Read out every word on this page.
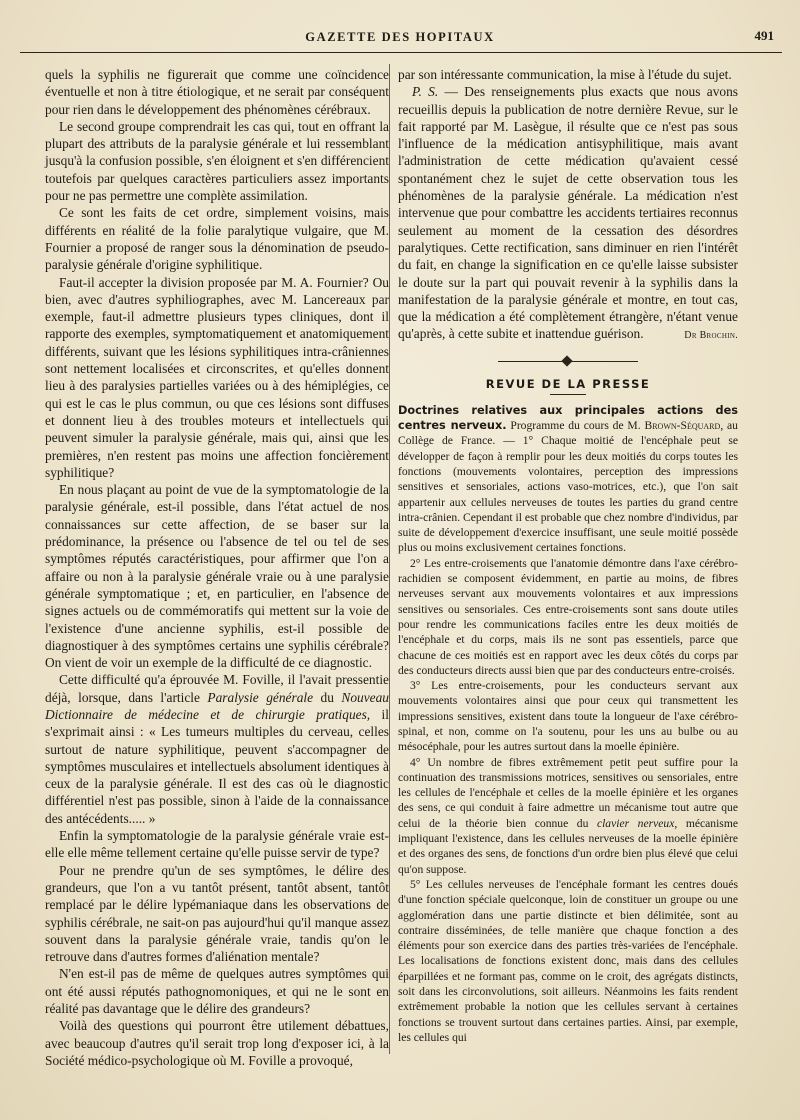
GAZETTE DES HOPITAUX	491

quels la syphilis ne figurerait que comme une coïncidence éventuelle et non à titre étiologique, et ne serait par conséquent pour rien dans le développement des phénomènes cérébraux.

Le second groupe comprendrait les cas qui, tout en offrant la plupart des attributs de la paralysie générale et lui ressemblant jusqu'à la confusion possible, s'en éloignent et s'en différencient toutefois par quelques caractères particuliers assez importants pour ne pas permettre une complète assimilation.

Ce sont les faits de cet ordre, simplement voisins, mais différents en réalité de la folie paralytique vulgaire, que M. Fournier a proposé de ranger sous la dénomination de pseudo-paralysie générale d'origine syphilitique.

Faut-il accepter la division proposée par M. A. Fournier? Ou bien, avec d'autres syphiliographes, avec M. Lancereaux par exemple, faut-il admettre plusieurs types cliniques, dont il rapporte des exemples, symptomatiquement et anatomiquement différents, suivant que les lésions syphilitiques intra-crâniennes sont nettement localisées et circonscrites, et qu'elles donnent lieu à des paralysies partielles variées ou à des hémiplégies, ce qui est le cas le plus commun, ou que ces lésions sont diffuses et donnent lieu à des troubles moteurs et intellectuels qui peuvent simuler la paralysie générale, mais qui, ainsi que les premières, n'en restent pas moins une affection foncièrement syphilitique?

En nous plaçant au point de vue de la symptomatologie de la paralysie générale, est-il possible, dans l'état actuel de nos connaissances sur cette affection, de se baser sur la prédominance, la présence ou l'absence de tel ou tel de ses symptômes réputés caractéristiques, pour affirmer que l'on a affaire ou non à la paralysie générale vraie ou à une paralysie générale symptomatique ; et, en particulier, en l'absence de signes actuels ou de commémoratifs qui mettent sur la voie de l'existence d'une ancienne syphilis, est-il possible de diagnostiquer à des symptômes certains une syphilis cérébrale? On vient de voir un exemple de la difficulté de ce diagnostic.

Cette difficulté qu'a éprouvée M. Foville, il l'avait pressentie déjà, lorsque, dans l'article Paralysie générale du Nouveau Dictionnaire de médecine et de chirurgie pratiques, il s'exprimait ainsi : « Les tumeurs multiples du cerveau, celles surtout de nature syphilitique, peuvent s'accompagner de symptômes musculaires et intellectuels absolument identiques à ceux de la paralysie générale. Il est des cas où le diagnostic différentiel n'est pas possible, sinon à l'aide de la connaissance des antécédents..... »

Enfin la symptomatologie de la paralysie générale vraie est-elle elle même tellement certaine qu'elle puisse servir de type?

Pour ne prendre qu'un de ses symptômes, le délire des grandeurs, que l'on a vu tantôt présent, tantôt absent, tantôt remplacé par le délire lypémaniaque dans les observations de syphilis cérébrale, ne sait-on pas aujourd'hui qu'il manque assez souvent dans la paralysie générale vraie, tandis qu'on le retrouve dans d'autres formes d'aliénation mentale?

N'en est-il pas de même de quelques autres symptômes qui ont été aussi réputés pathognomoniques, et qui ne le sont en réalité pas davantage que le délire des grandeurs?

Voilà des questions qui pourront être utilement débattues, avec beaucoup d'autres qu'il serait trop long d'exposer ici, à la Société médico-psychologique où M. Foville a provoqué,

par son intéressante communication, la mise à l'étude du sujet.

P. S. — Des renseignements plus exacts que nous avons recueillis depuis la publication de notre dernière Revue, sur le fait rapporté par M. Lasègue, il résulte que ce n'est pas sous l'influence de la médication antisyphilitique, mais avant l'administration de cette médication qu'avaient cessé spontanément chez le sujet de cette observation tous les phénomènes de la paralysie générale. La médication n'est intervenue que pour combattre les accidents tertiaires reconnus seulement au moment de la cessation des désordres paralytiques. Cette rectification, sans diminuer en rien l'intérêt du fait, en change la signification en ce qu'elle laisse subsister le doute sur la part qui pouvait revenir à la syphilis dans la manifestation de la paralysie générale et montre, en tout cas, que la médication a été complètement étrangère, n'étant venue qu'après, à cette subite et inattendue guérison.	Dr Brochin.

REVUE DE LA PRESSE

Doctrines relatives aux principales actions des centres nerveux. Programme du cours de M. Brown-Séquard, au Collège de France. — 1° Chaque moitié de l'encéphale peut se développer de façon à remplir pour les deux moitiés du corps toutes les fonctions (mouvements volontaires, perception des impressions sensitives et sensoriales, actions vaso-motrices, etc.), que l'on sait appartenir aux cellules nerveuses de toutes les parties du grand centre intra-crânien. Cependant il est probable que chez nombre d'individus, par suite de développement d'exercice insuffisant, une seule moitié possède plus ou moins exclusivement certaines fonctions.

2° Les entre-croisements que l'anatomie démontre dans l'axe cérébro-rachidien se composent évidemment, en partie au moins, de fibres nerveuses servant aux mouvements volontaires et aux impressions sensitives ou sensoriales. Ces entre-croisements sont sans doute utiles pour rendre les communications faciles entre les deux moitiés de l'encéphale et du corps, mais ils ne sont pas essentiels, parce que chacune de ces moitiés est en rapport avec les deux côtés du corps par des conducteurs directs aussi bien que par des conducteurs entre-croisés.

3° Les entre-croisements, pour les conducteurs servant aux mouvements volontaires ainsi que pour ceux qui transmettent les impressions sensitives, existent dans toute la longueur de l'axe cérébro-spinal, et non, comme on l'a soutenu, pour les uns au bulbe ou au mésocéphale, pour les autres surtout dans la moelle épinière.

4° Un nombre de fibres extrêmement petit peut suffire pour la continuation des transmissions motrices, sensitives ou sensoriales, entre les cellules de l'encéphale et celles de la moelle épinière et les organes des sens, ce qui conduit à faire admettre un mécanisme tout autre que celui de la théorie bien connue du clavier nerveux, mécanisme impliquant l'existence, dans les cellules nerveuses de la moelle épinière et des organes des sens, de fonctions d'un ordre bien plus élevé que celui qu'on suppose.

5° Les cellules nerveuses de l'encéphale formant les centres doués d'une fonction spéciale quelconque, loin de constituer un groupe ou une agglomération dans une partie distincte et bien délimitée, sont au contraire disséminées, de telle manière que chaque fonction a des éléments pour son exercice dans des parties très-variées de l'encéphale. Les localisations de fonctions existent donc, mais dans des cellules éparpillées et ne formant pas, comme on le croit, des agrégats distincts, soit dans les circonvolutions, soit ailleurs. Néanmoins les faits rendent extrêmement probable la notion que les cellules servant à certaines fonctions se trouvent surtout dans certaines parties. Ainsi, par exemple, les cellules qui
